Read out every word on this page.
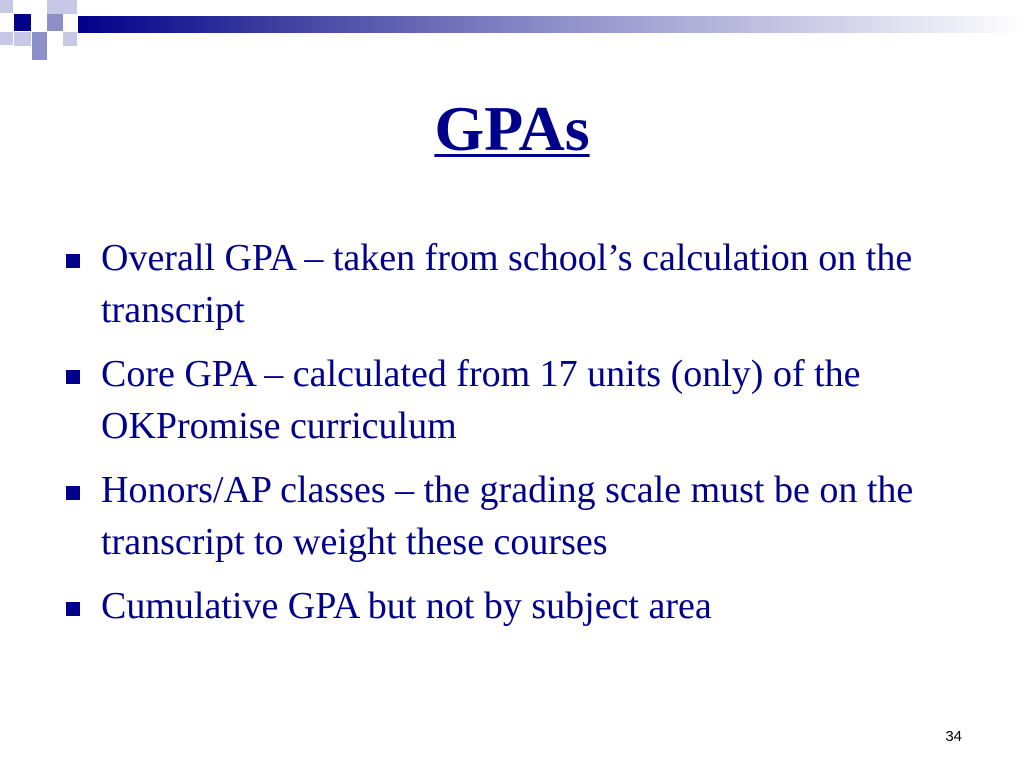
GPAs
Overall GPA – taken from school’s calculation on the transcript
Core GPA – calculated from 17 units (only) of the OKPromise curriculum
Honors/AP classes – the grading scale must be on the transcript to weight these courses
Cumulative GPA but not by subject area
34
